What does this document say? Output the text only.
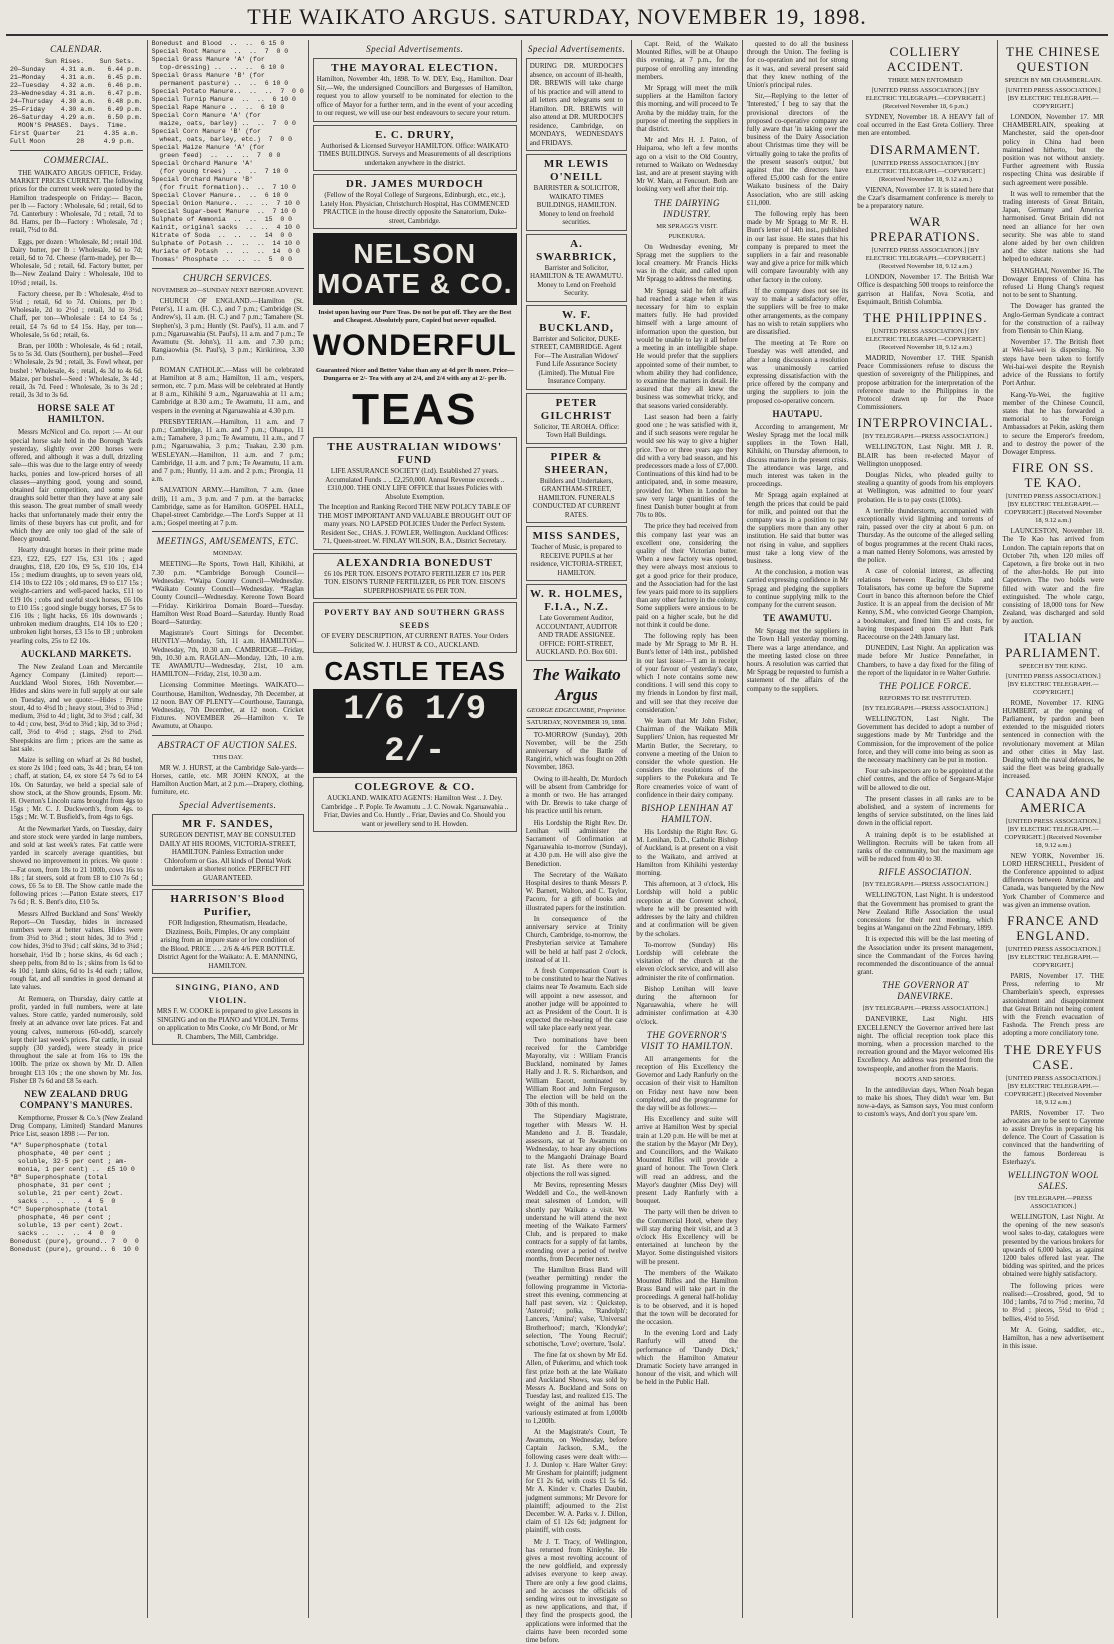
THE WAIKATO ARGUS. SATURDAY, NOVEMBER 19, 1898.
CALENDAR.
Sun Rises.    Sun Sets.
20—Sunday    4.31 a.m.   6.44 p.m.
21—Monday    4.31 a.m.   6.45 p.m.
22—Tuesday   4.32 a.m.   6.46 p.m.
23—Wednesday 4.31 a.m.   6.47 p.m.
24—Thursday  4.30 a.m.   6.48 p.m.
25—Friday    4.30 a.m.   6.49 p.m.
26—Saturday  4.29 a.m.   6.50 p.m.
MOON'S PHASES.  Days.  Time.
First Quarter    21     4.35 a.m.
Full Moon        28     4.9 p.m.
COMMERCIAL.

THE WAIKATO ARGUS OFFICE, Friday. MARKET PRICES CURRENT. The following prices for the current week were quoted by the Hamilton tradespeople on Friday:— Bacon, per lb — Factory : Wholesale, 6d ; retail, 6d to 7d. Canterbury : Wholesale, 7d ; retail, 7d to 8d. Hams, per lb—Factory : Wholesale, 7d ; retail, 7½d to 8d.

Eggs, per dozen : Wholesale, 8d ; retail 10d. Dairy butter, per lb : Wholesale, 6d to 7d; retail, 6d to 7d. Cheese (farm-made), per lb—Wholesale, 5d ; retail, 6d. Factory butter, per lb—New Zealand Dairy : Wholesale, 10d to 10½d ; retail, 1s.

Factory cheese, per lb : Wholesale, 4½d to 5½d ; retail, 6d to 7d. Onions, per lb : Wholesale, 2d to 2½d ; retail, 3d to 3½d. Chaff, per ton—Wholesale : £4 to £4 5s ; retail, £4 7s 6d to £4 15s. Hay, per ton—Wholesale, 5s 6d ; retail, 6s.

Bran, per 100lb : Wholesale, 4s 6d ; retail, 5s to 5s 3d. Oats (Southern), per bushel—Feed : Wholesale, 2s 9d ; retail, 3s. Fowl wheat, per bushel : Wholesale, 4s ; retail, 4s 3d to 4s 6d. Maize, per bushel—Seed : Wholesale, 3s 4d ; retail, 3s 7d. Feed : Wholesale, 3s to 3s 2d ; retail, 3s 3d to 3s 6d.

HORSE SALE AT HAMILTON.

Messrs McNicol and Co. report :— At our special horse sale held in the Borough Yards yesterday, slightly over 200 horses were offered, and although it was a dull, drizzling sale—this was due to the large entry of weedy hacks, ponies and low-priced horses of all classes—anything good, young and sound, obtained fair competition, and some good draughts sold better than they have at any sale this season. The great number of small weedy hacks that unfortunately made their entry the limits of these buyers has cut profit, and for which they are only too glad of the sale of fleecy ground.

Hearty draught horses in their prime made £23, £22, £25, £27 15s, £31 10s ; aged draughts, £18, £20 10s, £9 5s, £10 10s, £14 15s ; medium draughts, up to seven years old, £14 10s to £22 10s ; old mares, £9 to £17 15s ; weight-carriers and well-paced hacks, £11 to £19 10s ; cobs and useful stock horses, £6 10s to £10 15s ; good single buggy horses, £7 5s to £16 10s ; light hacks, £6 10s downwards ; unbroken medium draughts, £14 10s to £20 ; unbroken light horses, £3 15s to £8 ; unbroken yearling colts, 25s to £2 10s.

AUCKLAND MARKETS.

The New Zealand Loan and Mercantile Agency Company (Limited) report:—Auckland Wool Stores, 16th November.—Hides and skins were in full supply at our sale on Tuesday, and we quote:—Hides : Prime stout, 4d to 4½d lb ; heavy stout, 3½d to 3¾d ; medium, 3½d to 4d ; light, 3d to 3½d ; calf, 3d to 4d ; cow, best, 3½d to 3¾d ; kip, 3d to 3½d ; calf, 3½d to 4½d ; stags, 2½d to 2¾d. Sheepskins are firm ; prices are the same as last sale.

Maize is selling on wharf at 2s 8d bushel, ex store 2s 10d ; feed oats, 3s 4d ; bran, £4 ton ; chaff, at station, £4, ex store £4 7s 6d to £4 10s. On Saturday, we held a special sale of show stock, at the Show grounds, Epsom. Mr. H. Overton's Lincoln rams brought from 4gs to 15gs ; Mr. C. J. Duckworth's, from 4gs. to 15gs ; Mr. W. T. Busfield's, from 4gs to 6gs.

At the Newmarket Yards, on Tuesday, dairy and store stock were yarded in large numbers, and sold at last week's rates. Fat cattle were yarded in scarcely average quantities, but showed no improvement in prices. We quote :—Fat oxen, from 18s to 21 100lb, cows 16s to 18s ; fat steers, sold at from £8 to £10 7s 6d ; cows, £6 5s to £8. The Show cattle made the following prices :—Patton Estate steers, £17 7s 6d ; R. S. Bent's dito, £10 5s.

Messrs Alfred Buckland and Sons' Weekly Report—On Tuesday, hides in increased numbers were at better values. Hides were from 3½d to 3¾d ; stout hides, 3d to 3½d ; cow hides, 3½d to 3¾d ; calf skins, 3d to 3¼d ; horsehair, 1½d lb ; horse skins, 4s 6d each ; sheep pelts, from 8d to 1s ; skins from 1s 6d to 4s 10d ; lamb skins, 6d to 1s 4d each ; tallow, rough fat, and all sundries in good demand at late values.

At Remuera, on Thursday, dairy cattle at profit, yarded in full numbers, were at late values. Store cattle, yarded numerously, sold freely at an advance over late prices. Fat and young calves, numerous (60-odd), scarcely kept their last week's prices. Fat cattle, in usual supply (30 yarded), were steady in price throughout the sale at from 16s to 19s the 100lb. The prize ox shown by Mr. D. Allen brought £13 10s ; the one shown by Mr. Jos. Fisher £8 7s 6d and £8 5s each.

NEW ZEALAND DRUG COMPANY'S MANURES.

Kempthorne, Prosser & Co.'s (New Zealand Drug Company, Limited) Standard Manures Price List, season 1898 :— Per ton.

"A" Superphosphate (total
phosphate, 40 per cent ;
soluble, 32·5 per cent ; am-
monia, 1 per cent) ..  £5 10 0
"B" Superphosphate (total
phosphate, 31 per cent ;
soluble, 21 per cent) 2cwt.
sacks ..  ..  ..  4  5  0
"C" Superphosphate (total
phosphate, 46 per cent ;
soluble, 13 per cent) 2cwt.
sacks ..  ..  ..  4  0  0
Bonedust (pure), ground.. 7  0  0
Bonedust (pure), ground.. 6  10 0
Bonedust and Blood  ..  ..  6 15 0
Special Root Manure  ..  ..  7  0 0
Special Grass Manure 'A' (for
top-dressing) ..  ..  ..  6 10 0
Special Grass Manure 'B' (for
permanent pasture) ..  ..  6 10 0
Special Potato Manure..  ..  ..  7  0 0
Special Turnip Manure  ..  ..  6 10 0
Special Rape Manure ..  ..  6 10 0
Special Corn Manure 'A' (for
maize, oats, barley) ..  ..  7  0 0
Special Corn Manure 'B' (for
wheat, oats, barley, etc.)  7  0 0
Special Maize Manure 'A' (for
green feed)  ..  ..  ..  7  0 0
Special Orchard Manure 'A'
(for young trees)  ..  ..  7 10 0
Special Orchard Manure 'B'
(for fruit formation)..  ..  7 10 0
Special Clover Manure..  ..  6 10 0
Special Onion Manure..  ..  ..  7 10 0
Special Sugar-beet Manure  ..  7 10 0
Sulphate of Ammonia  ..  ..  15  0 0
Kainit, original sacks  ..  ..  4 10 0
Nitrate of Soda  ..  ..  ..  14  0 0
Sulphate of Potash ..  ..  ..  14 10 0
Muriate of Potash  ..  ..  ..  14  0 0
Thomas' Phosphate ..  ..  ..  5  0 0
CHURCH SERVICES.
NOVEMBER 20—SUNDAY NEXT BEFORE ADVENT.

CHURCH OF ENGLAND.—Hamilton (St. Peter's), 11 a.m. (H. C.), and 7 p.m.; Cambridge (St. Andrew's), 11 a.m. (H. C.) and 7 p.m.; Tamahere (St. Stephen's), 3 p.m.; Huntly (St. Paul's), 11 a.m. and 7 p.m.; Ngaruawahia (St. Paul's), 11 a.m. and 7 p.m.; Te Awamutu (St. John's), 11 a.m. and 7.30 p.m.; Rangiaowhia (St. Paul's), 3 p.m.; Kirikiriroa, 3.30 p.m.

ROMAN CATHOLIC.—Mass will be celebrated at Hamilton at 8 a.m.; Hamilton, 11 a.m., vespers, sermon, etc. 7 p.m. Mass will be celebrated at Huntly at 8 a.m., Kihikihi 9 a.m., Ngaruawahia at 11 a.m.; Cambridge at 8.30 a.m.; Te Awamutu, 11 a.m., and vespers in the evening at Ngaruawahia at 4.30 p.m.

PRESBYTERIAN.—Hamilton, 11 a.m. and 7 p.m.; Cambridge, 11 a.m. and 7 p.m.; Ohaupo, 11 a.m.; Tamahere, 3 p.m.; Te Awamutu, 11 a.m., and 7 p.m.; Ngaruawahia, 3 p.m.; Tuakau, 2.30 p.m. WESLEYAN.—Hamilton, 11 a.m. and 7 p.m.; Cambridge, 11 a.m. and 7 p.m.; Te Awamutu, 11 a.m. and 7 p.m.; Huntly, 11 a.m. and 2 p.m.; Pirongia, 11 a.m.

SALVATION ARMY.—Hamilton, 7 a.m. (knee drill), 11 a.m., 3 p.m. and 7 p.m. at the barracks; Cambridge, same as for Hamilton. GOSPEL HALL, Chapel-street Cambridge.—The Lord's Supper at 11 a.m.; Gospel meeting at 7 p.m.

MEETINGS, AMUSEMENTS, ETC.
MONDAY.

MEETING—Re Sports, Town Hall, Kihikihi, at 7.30 p.m. *Cambridge Borough Council—Wednesday. *Waipa County Council—Wednesday. *Waikato County Council—Wednesday. *Raglan County Council—Wednesday. Kereone Town Board—Friday. Kirikiriroa Domain Board—Tuesday. Hamilton West Road Board—Saturday. Huntly Road Board—Saturday.

Magistrate's Court Sittings for December. HUNTLY—Monday, 5th, 11 a.m. HAMILTON—Wednesday, 7th, 10.30 a.m. CAMBRIDGE—Friday, 9th, 10.30 a.m. RAGLAN—Monday, 12th, 10 a.m. TE AWAMUTU—Wednesday, 21st, 10 a.m. HAMILTON—Friday, 21st, 10.30 a.m.

Licensing Committee Meetings. WAIKATO—Courthouse, Hamilton, Wednesday, 7th December, at 12 noon. BAY OF PLENTY—Courthouse, Tauranga, Wednesday, 7th December, at 12 noon. Cricket Fixtures. NOVEMBER 26—Hamilton v. Te Awamutu, at Ohaupo.

ABSTRACT OF AUCTION SALES.
THIS DAY.

MR W. J. HURST, at the Cambridge Sale-yards—Horses, cattle, etc. MR JOHN KNOX, at the Hamilton Auction Mart, at 2 p.m.—Drapery, clothing, furniture, etc.

Special Advertisements.
MR F. SANDES,
SURGEON DENTIST, MAY BE CONSULTED DAILY AT HIS ROOMS, VICTORIA-STREET, HAMILTON. Painless Extraction under Chloroform or Gas. All kinds of Dental Work undertaken at shortest notice. PERFECT FIT GUARANTEED.
HARRISON'S Blood Purifier,
FOR Indigestion, Rheumatism, Headache, Dizziness, Boils, Pimples, Or any complaint arising from an impure state or low condition of the Blood. PRICE .. .. 2/6 & 4/6 PER BOTTLE. District Agent for the Waikato: A. E. MANNING, HAMILTON.
SINGING, PIANO, AND VIOLIN.
MRS F. W. COOKE is prepared to give Lessons in SINGING and on the PIANO and VIOLIN. Terms on application to Mrs Cooke, c/o Mr Bond, or Mr R. Chambers, The Mill, Cambridge.
Special Advertisements.
THE MAYORAL ELECTION.
Hamilton, November 4th, 1898. To W. DEY, Esq., Hamilton. Dear Sir,—We, the undersigned Councillors and Burgesses of Hamilton, request you to allow yourself to be nominated for election to the office of Mayor for a further term, and in the event of your acceding to our request, we will use our best endeavours to secure your return.
E. C. DRURY,
Authorised & Licensed Surveyor HAMILTON. Office: WAIKATO TIMES BUILDINGS. Surveys and Measurements of all descriptions undertaken anywhere in the district.
DR. JAMES MURDOCH
(Fellow of the Royal College of Surgeons, Edinburgh, etc., etc.), Lately Hon. Physician, Christchurch Hospital, Has COMMENCED PRACTICE in the house directly opposite the Sanatorium, Duke-street, Cambridge.
NELSON MOATE & CO.
Insist upon having our Pure Teas. Do not be put off. They are the Best and Cheapest. Absolutely pure, Copied but never equalled.
WONDERFUL
Guaranteed Nicer and Better Value than any at 4d per lb more. Price—Dungarra or 2/- Tea with any at 2/4, and 2/4 with any at 2/- per lb.
TEAS
THE AUSTRALIAN WIDOWS' FUND
LIFE ASSURANCE SOCIETY (Ltd). Established 27 years. Accumulated Funds .. .. £2,250,000. Annual Revenue exceeds .. £310,000. THE ONLY LIFE OFFICE that Issues Policies with Absolute Exemption.
The Inception and Ranking Record THE NEW POLICY TABLE OF THE MOST IMPORTANT AND VALUABLE BROUGHT OUT OF many years. NO LAPSED POLICIES Under the Perfect System. Resident Sec., CHAS. J. FOWLER, Wellington. Auckland Offices: 71, Queen-street. W. FINLAY WILSON, B.A., District Secretary.
ALEXANDRIA BONEDUST
£6 10s PER TON. EISON'S POTATO FERTILIZER £7 10s PER TON. EISON'S TURNIP FERTILIZER, £6 PER TON. EISON'S SUPERPHOSPHATE £6 PER TON.
POVERTY BAY AND SOUTHERN GRASS SEEDS
OF EVERY DESCRIPTION, AT CURRENT RATES. Your Orders Solicited W. J. HURST & CO., AUCKLAND.
CASTLE TEAS
1/6 1/9 2/-
COLEGROVE & CO.
AUCKLAND. WAIKATO AGENTS: Hamilton West .. J. Dey. Cambridge .. P. Pople. Te Awamutu .. J. C. Nowak. Ngaruawahia .. Friar, Davies and Co. Huntly .. Friar, Davies and Co. Should you want or jewellery send to H. Howden.
Special Advertisements.
DURING DR. MURDOCH'S absence, on account of ill-health, DR. BREWIS will take charge of his practice and will attend to all letters and telegrams sent to Hamilton. DR. BREWIS will also attend at DR. MURDOCH'S residence, Cambridge, on MONDAYS, WEDNESDAYS and FRIDAYS.
MR LEWIS O'NEILL
BARRISTER & SOLICITOR, WAIKATO TIMES BUILDINGS, HAMILTON. Money to lend on freehold securities.
A. SWARBRICK,
Barrister and Solicitor, HAMILTON & TE AWAMUTU. Money to Lend on Freehold Security.
W. F. BUCKLAND,
Barrister and Solicitor, DUKE-STREET, CAMBRIDGE. Agent For—The Australian Widows' Fund Life Assurance Society (Limited). The Mutual Fire Insurance Company.
PETER GILCHRIST
Solicitor, TE AROHA. Office: Town Hall Buildings.
PIPER & SHEERAN,
Builders and Undertakers, GRANTHAM-STREET, HAMILTON. FUNERALS CONDUCTED AT CURRENT RATES.
MISS SANDES,
Teacher of Music, is prepared to RECEIVE PUPILS at her residence, VICTORIA-STREET, HAMILTON.
W. R. HOLMES, F.I.A., N.Z.
Late Government Auditor, ACCOUNTANT, AUDITOR AND TRADE ASSIGNEE. OFFICE: FORT-STREET, AUCKLAND. P.O. Box 601.
The Waikato Argus
GEORGE EDGECUMBE, Proprietor.
SATURDAY, NOVEMBER 19, 1898.

TO-MORROW (Sunday), 20th November, will be the 25th anniversary of the Battle of Rangiriri, which was fought on 20th November, 1863.

Owing to ill-health, Dr. Murdoch will be absent from Cambridge for a month or two. He has arranged with Dr. Brewis to take charge of his practice until his return.

His Lordship the Right Rev. Dr. Lenihan will administer the Sacrament of Confirmation at Ngaruawahia to-morrow (Sunday), at 4.30 p.m. He will also give the Benediction.

The Secretary of the Waikato Hospital desires to thank Messrs P. W. Barnett, Walton, and C. Taylor, Pacoro, for a gift of books and illustrated papers for the institution.

In consequence of the anniversary service at Trinity Church, Cambridge, to-morrow, the Presbyterian service at Tamahere will be held at half past 2 o'clock, instead of at 11.

A fresh Compensation Court is to be constituted to hear the Natives claims near Te Awamutu. Each side will appoint a new assessor, and another judge will be appointed to act as President of the Court. It is expected the re-hearing of the case will take place early next year.

Two nominations have been received for the Cambridge Mayoralty, viz : William Francis Buckland, nominated by James Hally and J. R. S. Richardson, and William Eacott, nominated by William Root and John Ferguson. The election will be held on the 30th of this month.

The Stipendiary Magistrate, together with Messrs W. H. Mandeno and J. B. Teasdale, assessors, sat at Te Awamutu on Wednesday, to hear any objections to the Mangaohi Drainage Board rate list. As there were no objections the roll was signed.

Mr Bevins, representing Messrs Weddell and Co., the well-known meat salesmen of London, will shortly pay Waikato a visit. We understand he will attend the next meeting of the Waikato Farmers' Club, and is prepared to make contracts for a supply of fat lambs, extending over a period of twelve months, from December next.

The Hamilton Brass Band will (weather permitting) render the following programme in Victoria-street this evening, commencing at half past seven, viz : Quickstep, 'Asteroid'; polka, 'Randolph'; Lancers, 'Amina'; valse, 'Universal Brotherhood'; march, 'Klondyke'; selection, 'The Young Recruit'; schottische, 'Love'; overture, 'Isola'.

The fine fat ox shown by Mr Ed. Allen, of Pukerimu, and which took first prize both at the late Waikato and Auckland Shows, was sold by Messrs A. Buckland and Sons on Tuesday last, and realized £15. The weight of the animal has been variously estimated at from 1,000lb to 1,200lb.

At the Magistrate's Court, Te Awamutu, on Wednesday, before Captain Jackson, S.M., the following cases were dealt with:—J. J. Dunlop v. Hare Walter Grey: Mr Gresham for plaintiff; judgment for £1 2s 6d, with costs £1 5s 6d. Mr A. Kinder v. Charles Daubin, judgment summons; Mr Devore for plaintiff; adjourned to the 21st December. W. A. Parks v. J. Dillon, claim of £1 12s 6d; judgment for plaintiff, with costs.

Mr J. T. Tracy, of Wellington, has returned from Kinleyhe. He gives a most revolting account of the new goldfield, and expressly advises everyone to keep away. There are only a few good claims, and he accuses the officials of sending wires out to investigate so as new applications, and that, if they find the prospects good, the applications were informed that the claims have been recorded some time before.

Capt. Reid, of the Waikato Mounted Rifles, will be at Ohaupo this evening, at 7 p.m., for the purpose of enrolling any intending members.

Mr Spragg will meet the milk suppliers at the Hamilton factory this morning, and will proceed to Te Aroha by the midday train, for the purpose of meeting the suppliers in that district.

Mr and Mrs H. J. Paton, of Huiparoa, who left a few months ago on a visit to the Old Country, returned to Waikato on Wednesday last, and are at present staying with Mr W. Main, at Fencourt. Both are looking very well after their trip.

THE DAIRYING INDUSTRY.
MR SPRAGG'S VISIT.
PUKEKURA.

On Wednesday evening, Mr Spragg met the suppliers to the local creamery. Mr Francis Hicks was in the chair, and called upon Mr Spragg to address the meeting.

Mr Spragg said he felt affairs had reached a stage when it was necessary for him to explain matters fully. He had provided himself with a large amount of information upon the question, but would be unable to lay it all before a meeting in an intelligible shape. He would prefer that the suppliers appointed some of their number, to whom ability they had confidence, to examine the matters in detail. He assured that they all knew the business was somewhat tricky, and that seasons varied considerably.

Last season had been a fairly good one ; he was satisfied with it, and if such seasons were regular he would see his way to give a higher price. Two or three years ago they did with a very bad season, and his predecessors made a loss of £7,000. Continuations of this kind had to be anticipated, and, in some measure, provided for. When in London he saw very large quantities of the finest Danish butter bought at from 70s to 80s.

The price they had received from this company last year was an excellent one, considering the quality of their Victorian butter. When a new factory was opened, they were always most anxious to get a good price for their produce, and the Association had for the last few years paid more to its suppliers than any other factory in the colony. Some suppliers were anxious to be paid on a higher scale, but he did not think it could be done.

The following reply has been made by Mr Spragg to Mr R. H. Bunt's letter of 14th inst., published in our last issue:—'I am in receipt of your favour of yesterday's date, which I note contains some new conditions. I will send this copy to my friends in London by first mail, and will see that they receive due consideration.'

We learn that Mr John Fisher, Chairman of the Waikato Milk Suppliers' Union, has requested Mr Martin Butler, the Secretary, to convene a meeting of the Union to consider the whole question. He considers the resolutions of the suppliers to the Pukekura and Te Rore creameries voice of want of confidence in their dairy company.

BISHOP LENIHAN AT HAMILTON.

His Lordship the Right Rev. G. M. Lenihan, D.D., Catholic Bishop of Auckland, is at present on a visit to the Waikato, and arrived at Hamilton from Kihikihi yesterday morning.

This afternoon, at 3 o'clock, His Lordship will hold a public reception at the Convent school, where he will be presented with addresses by the laity and children and at confirmation will be given by the scholars.

To-morrow (Sunday) His Lordship will celebrate the visitation of the church at the eleven o'clock service, and will also administer the rite of confirmation.

Bishop Lenihan will leave during the afternoon for Ngaruawahia, where he will administer confirmation at 4.30 o'clock.

THE GOVERNOR'S VISIT TO HAMILTON.

All arrangements for the reception of His Excellency the Governor and Lady Ranfurly on the occasion of their visit to Hamilton on Friday next have now been completed, and the programme for the day will be as follows:—

His Excellency and suite will arrive at Hamilton West by special train at 1.20 p.m. He will be met at the station by the Mayor (Mr Dey), and Councillors, and the Waikato Mounted Rifles will provide a guard of honour. The Town Clerk will read an address, and the Mayor's daughter (Miss Dey) will present Lady Ranfurly with a bouquet.

The party will then be driven to the Commercial Hotel, where they will stay during their visit, and at 3 o'clock His Excellency will be entertained at luncheon by the Mayor. Some distinguished visitors will be present.

The members of the Waikato Mounted Rifles and the Hamilton Brass Band will take part in the proceedings. A general half-holiday is to be observed, and it is hoped that the town will be decorated for the occasion.

In the evening Lord and Lady Ranfurly will attend the performance of 'Dandy Dick,' which the Hamilton Amateur Dramatic Society have arranged in honour of the visit, and which will be held in the Public Hall.

quested to do all the business through the Union. The feeling is for co-operation and not for strong as it was, and several present said that they knew nothing of the Union's principal rules.

Sir,—Replying to the letter of 'Interested,' I beg to say that the provisional directors of the proposed co-operative company are fully aware that 'in taking over the business of the Dairy Association about Christmas time they will be virtually going to take the profits of the present season's output,' but against that the directors have offered £5,000 cash for the entire Waikato business of the Dairy Association, who are still asking £11,000.

The following reply has been made by Mr Spragg to Mr R. H. Bunt's letter of 14th inst., published in our last issue. He states that his company is prepared to meet the suppliers in a fair and reasonable way and give a price for milk which will compare favourably with any other factory in the colony.

If the company does not see its way to make a satisfactory offer, the suppliers will be free to make other arrangements, as the company has no wish to retain suppliers who are dissatisfied.

The meeting at Te Rore on Tuesday was well attended, and after a long discussion a resolution was unanimously carried expressing dissatisfaction with the price offered by the company and urging the suppliers to join the proposed co-operative concern.

HAUTAPU.

According to arrangement, Mr Wesley Spragg met the local milk suppliers in the Town Hall, Kihikihi, on Thursday afternoon, to discuss matters in the present crisis. The attendance was large, and much interest was taken in the proceedings.

Mr Spragg again explained at length the prices that could be paid for milk, and pointed out that the company was in a position to pay the suppliers more than any other institution. He said that butter was not rising in value, and suppliers must take a long view of the business.

At the conclusion, a motion was carried expressing confidence in Mr Spragg and pledging the suppliers to continue supplying milk to the company for the current season.

TE AWAMUTU.

Mr Spragg met the suppliers in the Town Hall yesterday morning. There was a large attendance, and the meeting lasted close on three hours. A resolution was carried that Mr Spragg be requested to furnish a statement of the affairs of the company to the suppliers.

COLLIERY ACCIDENT.
THREE MEN ENTOMBED
[UNITED PRESS ASSOCIATION.] [BY ELECTRIC TELEGRAPH.—COPYRIGHT.] (Received November 18, 6 p.m.)

SYDNEY, November 18. A HEAVY fall of coal occurred in the East Greta Colliery. Three men are entombed.

DISARMAMENT.
[UNITED PRESS ASSOCIATION.] [BY ELECTRIC TELEGRAPH.—COPYRIGHT.] (Received November 18, 9.12 a.m.)

VIENNA, November 17. It is stated here that the Czar's disarmament conference is merely to be a preparatory nature.

WAR PREPARATIONS.
[UNITED PRESS ASSOCIATION.] [BY ELECTRIC TELEGRAPH.—COPYRIGHT.] (Received November 18, 9.12 a.m.)

LONDON, November 17. The British War Office is despatching 500 troops to reinforce the garrison at Halifax, Nova Scotia, and Esquimault, British Columbia.

THE PHILIPPINES.
[UNITED PRESS ASSOCIATION.] [BY ELECTRIC TELEGRAPH.—COPYRIGHT.] (Received November 18, 9.12 a.m.)

MADRID, November 17. THE Spanish Peace Commissioners refuse to discuss the question of sovereignty of the Philippines, and propose arbitration for the interpretation of the reference made to the Philippines in the Protocol drawn up for the Peace Commissioners.

INTERPROVINCIAL.
[BY TELEGRAPH.—PRESS ASSOCIATION.]

WELLINGTON, Last Night. MR J. R. BLAIR has been re-elected Mayor of Wellington unopposed.

Douglas Nicks, who pleaded guilty to stealing a quantity of goods from his employers at Wellington, was admitted to four years' probation. He is to pay costs (£100s).

A terrible thunderstorm, accompanied with exceptionally vivid lightning and torrents of rain, passed over the city at about 6 p.m. on Thursday. As the outcome of the alleged selling of bogus programmes at the recent Otaki races, a man named Henry Solomons, was arrested by the police.

A case of colonial interest, as affecting relations between Racing Clubs and Totalisators, has come up before the Supreme Court in banco this afternoon before the Chief Justice. It is an appeal from the decision of Mr Kenny, S.M., who convicted George Champion, a bookmaker, and fined him £5 and costs, for having trespassed upon the Hutt Park Racecourse on the 24th January last.

DUNEDIN, Last Night. An application was made before Mr Justice Pennefather, in Chambers, to have a day fixed for the filing of the report of the liquidator in re Walter Guthrie.

THE POLICE FORCE.
REFORMS TO BE INSTITUTED.
[BY TELEGRAPH.—PRESS ASSOCIATION.]

WELLINGTON, Last Night. The Government has decided to adopt a number of suggestions made by Mr Tunbridge and the Commission, for the improvement of the police force, and they will come into being as soon as the necessary machinery can be put in motion.

Four sub-inspectors are to be appointed at the chief centres, and the office of Sergeant-Major will be allowed to die out.

The present classes in all ranks are to be abolished, and a system of increments for lengths of service substituted, on the lines laid down in the official report.

A training depôt is to be established at Wellington. Recruits will be taken from all ranks of the community, but the maximum age will be reduced from 40 to 30.

RIFLE ASSOCIATION.
[BY TELEGRAPH.—PRESS ASSOCIATION.]

WELLINGTON, Last Night. It is understood that the Government has promised to grant the New Zealand Rifle Association the usual concessions for their next meeting, which begins at Wanganui on the 22nd February, 1899.

It is expected this will be the last meeting of the Association under its present management, since the Commandant of the Forces having recommended the discontinuance of the annual grant.

THE GOVERNOR AT DANEVIRKE.
[BY TELEGRAPH.—PRESS ASSOCIATION.]

DANEVIRKE, Last Night. HIS EXCELLENCY the Governor arrived here last night. The official reception took place this morning, when a procession marched to the recreation ground and the Mayor welcomed His Excellency. An address was presented from the townspeople, and another from the Maoris.

BOOTS AND SHOES.

In the antediluvian days, When Noah began to make his shoes, They didn't wear 'em. But now-a-days, as Samson says, You must conform to custom's ways, And don't you spare 'em.

THE CHINESE QUESTION
SPEECH BY MR CHAMBERLAIN.
[UNITED PRESS ASSOCIATION.] [BY ELECTRIC TELEGRAPH.—COPYRIGHT.]

LONDON, November 17. MR CHAMBERLAIN, speaking at Manchester, said the open-door policy in China had been maintained hitherto, but the position was not without anxiety. Further agreement with Russia respecting China was desirable if such agreement were possible.

It was well to remember that the trading interests of Great Britain, Japan, Germany and America harmonised. Great Britain did not need an alliance for her own security. She was able to stand alone aided by her own children and the sister nations she had helped to educate.

SHANGHAI, November 16. The Dowager Empress of China has refused Li Hung Chang's request not to be sent to Shantung.

The Dowager has granted the Anglo-German Syndicate a contract for the construction of a railway from Tientsin to Chin Kiang.

November 17. The British fleet at Wei-hai-wei is dispersing. No steps have been taken to fortify Wei-hai-wei despite the Reynish advice of the Russians to fortify Port Arthur.

Kang-Yu-Wei, the fugitive member of the Chinese Council, states that he has forwarded a memorial to the Foreign Ambassadors at Pekin, asking them to secure the Emperor's freedom, and to destroy the power of the Dowager Empress.

FIRE ON SS. TE KAO.
[UNITED PRESS ASSOCIATION.] [BY ELECTRIC TELEGRAPH.—COPYRIGHT.] (Received November 18, 9.12 a.m.)

LAUNCESTON, November 18. The Te Kao has arrived from London. The captain reports that on October 7th, when 120 miles off Capetown, a fire broke out in two of the after-holds. He put into Capetown. The two holds were filled with water and the fire extinguished. The whole cargo, consisting of 18,000 tons for New Zealand, was discharged and sold by auction.

ITALIAN PARLIAMENT.
SPEECH BY THE KING.
[UNITED PRESS ASSOCIATION.] [BY ELECTRIC TELEGRAPH.—COPYRIGHT.]

ROME, November 17. KING HUMBERT, at the opening of Parliament, by pardon and been extended to the misguided rioters sentenced in connection with the revolutionary movement at Milan and other cities in May last. Dealing with the naval defences, he said the fleet was being gradually increased.

CANADA AND AMERICA
[UNITED PRESS ASSOCIATION.] [BY ELECTRIC TELEGRAPH.—COPYRIGHT.] (Received November 18, 9.12 a.m.)

NEW YORK, November 16. LORD HERSCHELL, President of the Conference appointed to adjust differences between America and Canada, was banqueted by the New York Chamber of Commerce and was given an immense ovation.

FRANCE AND ENGLAND.
[UNITED PRESS ASSOCIATION.] [BY ELECTRIC TELEGRAPH.—COPYRIGHT.]

PARIS, November 17. THE Press, referring to Mr Chamberlain's speech, expresses astonishment and disappointment that Great Britain not being content with the French evacuation of Fashoda. The French press are adopting a more conciliatory tone.

THE DREYFUS CASE.
[UNITED PRESS ASSOCIATION.] [BY ELECTRIC TELEGRAPH.—COPYRIGHT.] (Received November 18, 9.12 a.m.)

PARIS, November 17. Two advocates are to be sent to Cayenne to assist Dreyfus in preparing his defence. The Court of Cassation is convinced that the handwriting of the famous Bordereau is Esterhazy's.

WELLINGTON WOOL SALES.
[BY TELEGRAPH.—PRESS ASSOCIATION.]

WELLINGTON, Last Night. At the opening of the new season's wool sales to-day, catalogues were presented by the various brokers for upwards of 6,000 bales, as against 1200 bales offered last year. The bidding was spirited, and the prices obtained were highly satisfactory.

The following prices were realised:—Crossbred, good, 9d to 10d ; lambs, 7d to 7½d ; merino, 7d to 8½d ; pieces, 5½d to 6½d ; bellies, 4½d to 5½d.

Mr A. Going, saddler, etc., Hamilton, has a new advertisement in this issue.
